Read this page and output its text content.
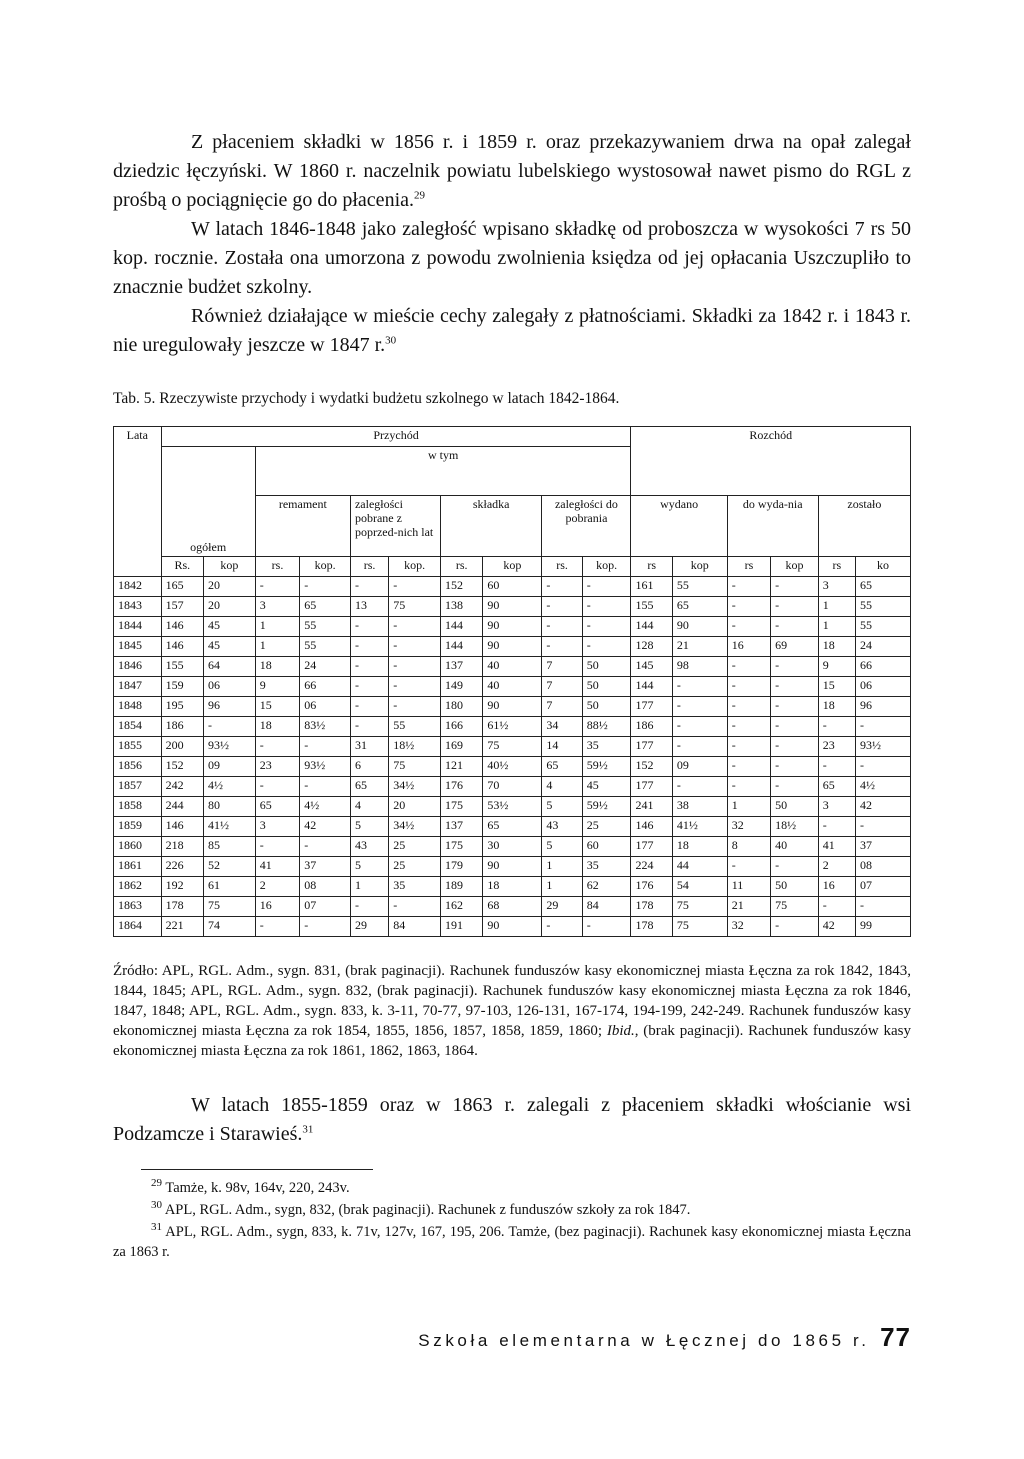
Z płaceniem składki w 1856 r. i 1859 r. oraz przekazywaniem drwa na opał zalegał dziedzic łęczyński. W 1860 r. naczelnik powiatu lubelskiego wystosował nawet pismo do RGL z prośbą o pociągnięcie go do płacenia.$^{29}$

W latach 1846-1848 jako zaległość wpisano składkę od proboszcza w wysokości 7 rs 50 kop. rocznie. Została ona umorzona z powodu zwolnienia księdza od jej opłacania Uszczupliło to znacznie budżet szkolny.

Również działające w mieście cechy zalegały z płatnościami. Składki za 1842 r. i 1843 r. nie uregulowały jeszcze w 1847 r.$^{30}$

Tab. 5. Rzeczywiste przychody i wydatki budżetu szkolnego w latach 1842-1864.
Lata	Przychód										Rozchód					
	ogółem		w tym													
			remament		zaległości pobrane z poprzed-nich lat		składka		zaległości do pobrania		wydano		do wyda-nia		zostało	
	Rs.	kop	rs.	kop.	rs.	kop.	rs.	kop	rs.	kop.	rs	kop	rs	kop	rs	ko
1842	165	20	-	-	-	-	152	60	-	-	161	55	-	-	3	65
1843	157	20	3	65	13	75	138	90	-	-	155	65	-	-	1	55
1844	146	45	1	55	-	-	144	90	-	-	144	90	-	-	1	55
1845	146	45	1	55	-	-	144	90	-	-	128	21	16	69	18	24
1846	155	64	18	24	-	-	137	40	7	50	145	98	-	-	9	66
1847	159	06	9	66	-	-	149	40	7	50	144	-	-	-	15	06
1848	195	96	15	06	-	-	180	90	7	50	177	-	-	-	18	96
1854	186	-	18	83½	-	55	166	61½	34	88½	186	-	-	-	-	-
1855	200	93½	-	-	31	18½	169	75	14	35	177	-	-	-	23	93½
1856	152	09	23	93½	6	75	121	40½	65	59½	152	09	-	-	-	-
1857	242	4½	-	-	65	34½	176	70	4	45	177	-	-	-	65	4½
1858	244	80	65	4½	4	20	175	53½	5	59½	241	38	1	50	3	42
1859	146	41½	3	42	5	34½	137	65	43	25	146	41½	32	18½	-	-
1860	218	85	-	-	43	25	175	30	5	60	177	18	8	40	41	37
1861	226	52	41	37	5	25	179	90	1	35	224	44	-	-	2	08
1862	192	61	2	08	1	35	189	18	1	62	176	54	11	50	16	07
1863	178	75	16	07	-	-	162	68	29	84	178	75	21	75	-	-
1864	221	74	-	-	29	84	191	90	-	-	178	75	32	-	42	99

Źródło: APL, RGL. Adm., sygn. 831, (brak paginacji). Rachunek funduszów kasy ekonomicznej miasta Łęczna za rok 1842, 1843, 1844, 1845; APL, RGL. Adm., sygn. 832, (brak paginacji). Rachunek funduszów kasy ekonomicznej miasta Łęczna za rok 1846, 1847, 1848; APL, RGL. Adm., sygn. 833, k. 3-11, 70-77, 97-103, 126-131, 167-174, 194-199, 242-249. Rachunek funduszów kasy ekonomicznej miasta Łęczna za rok 1854, 1855, 1856, 1857, 1858, 1859, 1860; Ibid., (brak paginacji). Rachunek funduszów kasy ekonomicznej miasta Łęczna za rok 1861, 1862, 1863, 1864.

W latach 1855-1859 oraz w 1863 r. zalegali z płaceniem składki włościanie wsi Podzamcze i Starawieś.$^{31}$

$^{29}$ Tamże, k. 98v, 164v, 220, 243v.

$^{30}$ APL, RGL. Adm., sygn, 832, (brak paginacji). Rachunek z funduszów szkoły za rok 1847.

$^{31}$ APL, RGL. Adm., sygn, 833, k. 71v, 127v, 167, 195, 206. Tamże, (bez paginacji). Rachunek kasy ekonomicznej miasta Łęczna za 1863 r.

Szkoła elementarna w Łęcznej do 1865 r. 77
